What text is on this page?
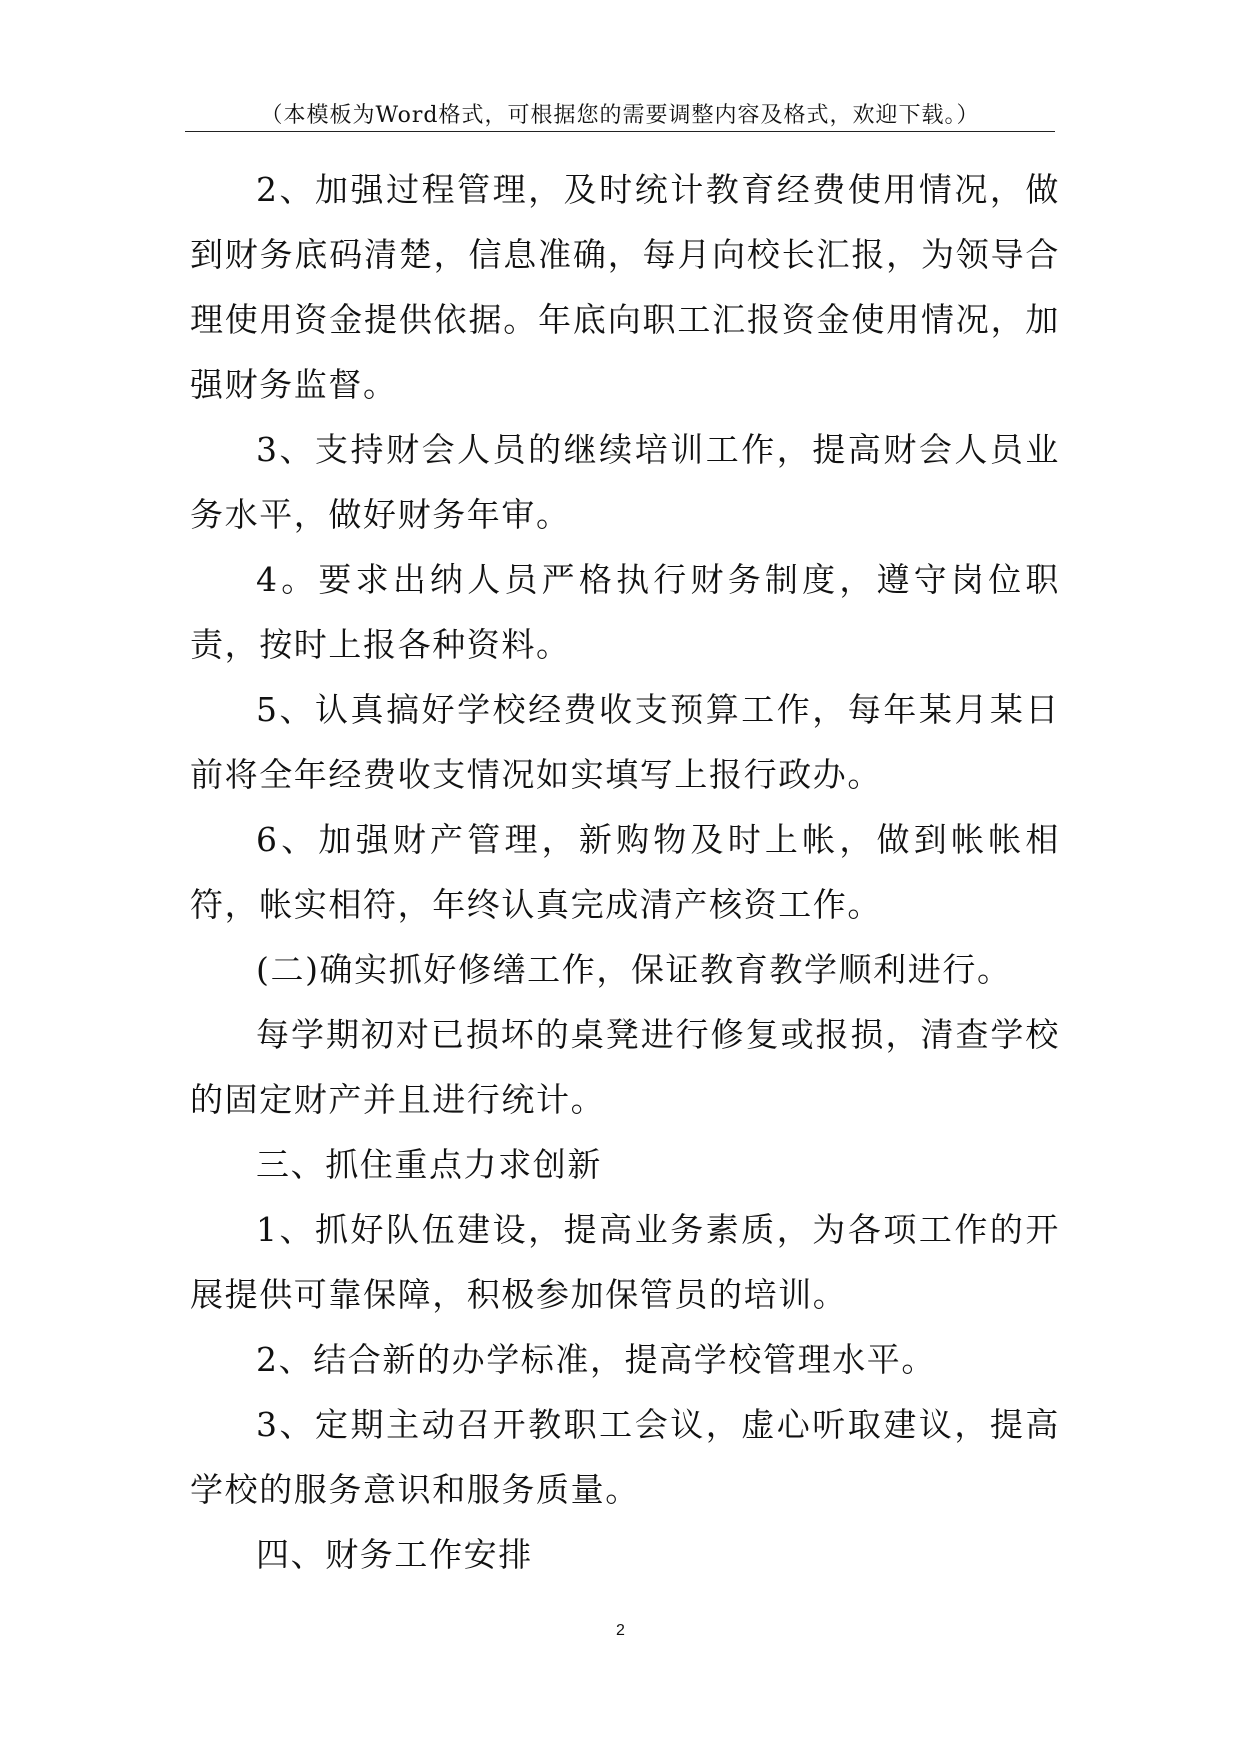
（本模板为Word格式，可根据您的需要调整内容及格式，欢迎下载。）

2、加强过程管理，及时统计教育经费使用情况，做到财务底码清楚，信息准确，每月向校长汇报，为领导合理使用资金提供依据。年底向职工汇报资金使用情况，加强财务监督。

3、支持财会人员的继续培训工作，提高财会人员业务水平，做好财务年审。

4。要求出纳人员严格执行财务制度，遵守岗位职责，按时上报各种资料。

5、认真搞好学校经费收支预算工作，每年某月某日前将全年经费收支情况如实填写上报行政办。

6、加强财产管理，新购物及时上帐，做到帐帐相符，帐实相符，年终认真完成清产核资工作。

(二)确实抓好修缮工作，保证教育教学顺利进行。

每学期初对已损坏的桌凳进行修复或报损，清查学校的固定财产并且进行统计。

三、抓住重点力求创新

1、抓好队伍建设，提高业务素质，为各项工作的开展提供可靠保障，积极参加保管员的培训。

2、结合新的办学标准，提高学校管理水平。

3、定期主动召开教职工会议，虚心听取建议，提高学校的服务意识和服务质量。

四、财务工作安排

2
